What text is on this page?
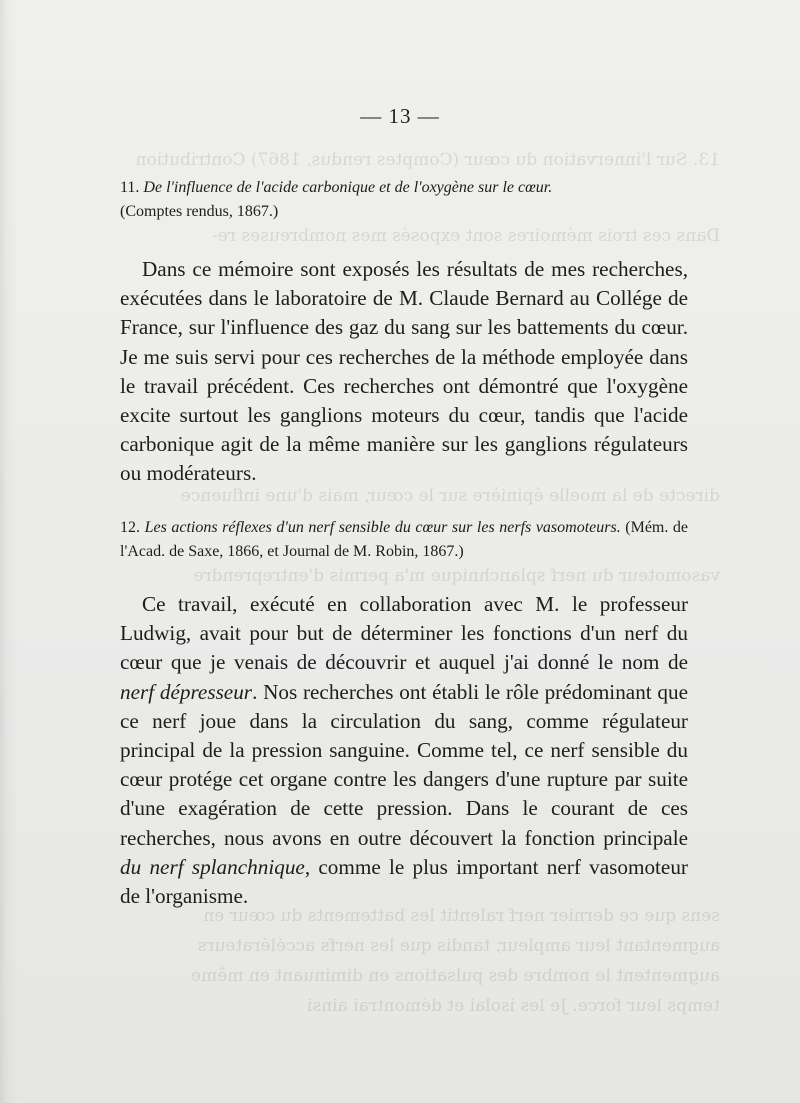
13. Sur l'innervation du cœur (Comptes rendus, 1867) Contribution
Dans ces trois mémoires sont exposés mes nombreuses re-
directe de la moelle épinière sur le cœur, mais d'une influence
vasomoteur du nerf splanchnique m'a permis d'entreprendre
sens que ce dernier nerf ralentit les battements du cœur en
augmentant leur ampleur, tandis que les nerfs accélérateurs
augmentent le nombre des pulsations en diminuant en même
temps leur force. Je les isolai et démontrai ainsi
— 13 —
11. De l'influence de l'acide carbonique et de l'oxygène sur le cœur.
(Comptes rendus, 1867.)

Dans ce mémoire sont exposés les résultats de mes recherches, exécutées dans le laboratoire de M. Claude Bernard au Collége de France, sur l'influence des gaz du sang sur les battements du cœur. Je me suis servi pour ces recherches de la méthode employée dans le travail précédent. Ces recherches ont démontré que l'oxygène excite surtout les ganglions moteurs du cœur, tandis que l'acide carbonique agit de la même manière sur les ganglions régulateurs ou modérateurs.

12. Les actions réflexes d'un nerf sensible du cœur sur les nerfs vasomoteurs. (Mém. de l'Acad. de Saxe, 1866, et Journal de M. Robin, 1867.)

Ce travail, exécuté en collaboration avec M. le professeur Ludwig, avait pour but de déterminer les fonctions d'un nerf du cœur que je venais de découvrir et auquel j'ai donné le nom de nerf dépresseur. Nos recherches ont établi le rôle prédominant que ce nerf joue dans la circulation du sang, comme régulateur principal de la pression sanguine. Comme tel, ce nerf sensible du cœur protége cet organe contre les dangers d'une rupture par suite d'une exagération de cette pression. Dans le courant de ces recherches, nous avons en outre découvert la fonction principale du nerf splanchnique, comme le plus important nerf vasomoteur de l'organisme.
